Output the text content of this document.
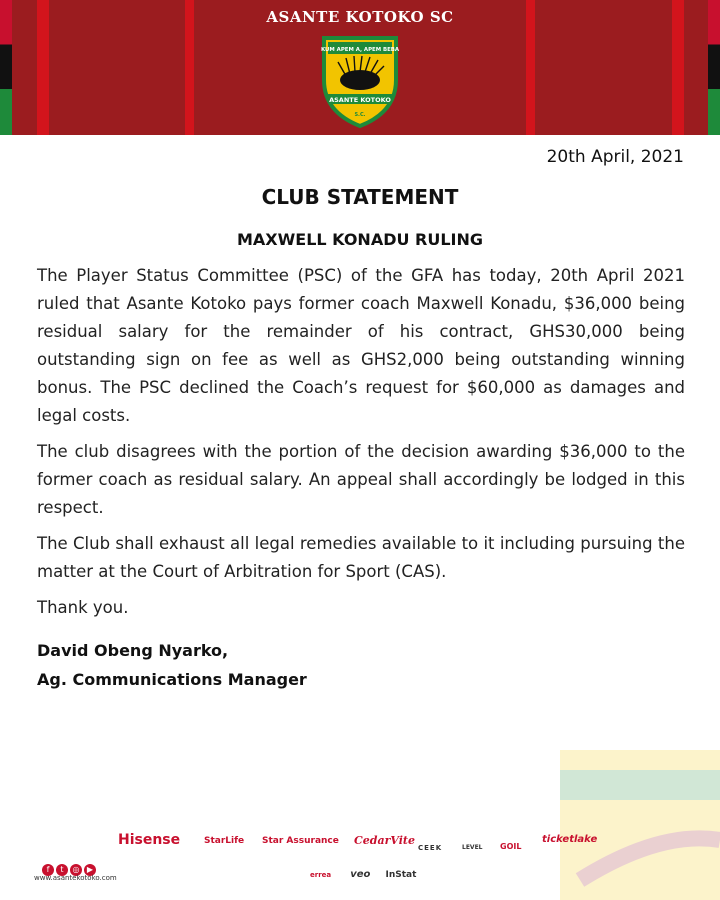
ASANTE KOTOKO SC
KUM APEM A, APEM BEBA
ASANTE KOTOKO
S.C.
20th April, 2021
CLUB STATEMENT
MAXWELL KONADU RULING

The Player Status Committee (PSC) of the GFA has today, 20th April 2021 ruled that Asante Kotoko pays former coach Maxwell Konadu, $36,000 being residual salary for the remainder of his contract, GHS30,000 being outstanding sign on fee as well as GHS2,000 being outstanding winning bonus. The PSC declined the Coach’s request for $60,000 as damages and legal costs.

The club disagrees with the portion of the decision awarding $36,000 to the former coach as residual salary. An appeal shall accordingly be lodged in this respect.

The Club shall exhaust all legal remedies available to it including pursuing the matter at the Court of Arbitration for Sport (CAS).

Thank you.

David Obeng Nyarko,
Ag. Communications Manager
Hisense	StarLife Star Assurance CedarVite
CEEK	LEVEL GOIL
ticketlake
errea veo InStat
f t ◎ ▶
www.asantekotoko.com
